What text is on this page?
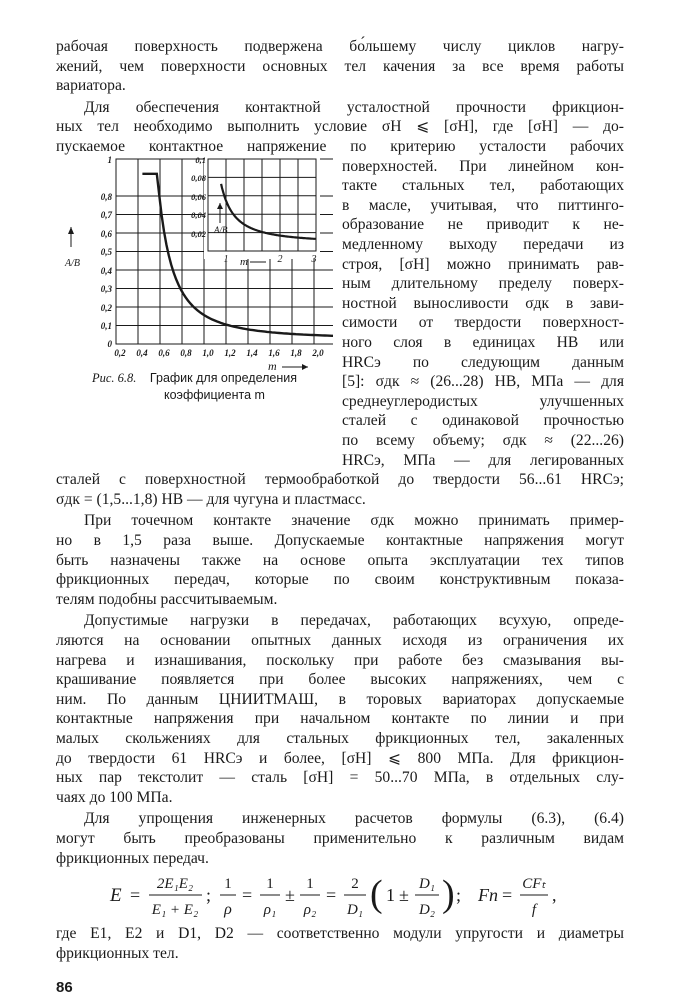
рабочая поверхность подвержена бо́льшему числу циклов нагру-
жений, чем поверхности основных тел качения за все время работы
вариатора.
Для обеспечения контактной усталостной прочности фрикцион-
ных тел необходимо выполнить условие σH ⩽ [σH], где [σH] — до-
пускаемое контактное напряжение по критерию усталости рабочих
поверхностей. При линейном кон-
такте стальных тел, работающих
в масле, учитывая, что питтинго-
образование не приводит к не-
медленному выходу передачи из
строя, [σH] можно принимать рав-
ным длительному пределу поверх-
ностной выносливости σдк в зави-
симости от твердости поверхност-
ного слоя в единицах НВ или
HRCэ по следующим данным
[5]: σдк ≈ (26...28) НВ, МПа — для
среднеуглеродистых улучшенных
сталей с одинаковой прочностью
по всему объему; σдк ≈ (22...26)
HRCэ, МПа — для легированных
сталей с поверхностной термообработкой до твердости 56...61 HRCэ;
σдк = (1,5...1,8) НВ — для чугуна и пластмасс.
При точечном контакте значение σдк можно принимать пример-
но в 1,5 раза выше. Допускаемые контактные напряжения могут
быть назначены также на основе опыта эксплуатации тех типов
фрикционных передач, которые по своим конструктивным показа-
телям подобны рассчитываемым.
Допустимые нагрузки в передачах, работающих всухую, опреде-
ляются на основании опытных данных исходя из ограничения их
нагрева и изнашивания, поскольку при работе без смазывания вы-
крашивание появляется при более высоких напряжениях, чем с
ним. По данным ЦНИИТМАШ, в торовых вариаторах допускаемые
контактные напряжения при начальном контакте по линии и при
малых скольжениях для стальных фрикционных тел, закаленных
до твердости 61 HRCэ и более, [σH] ⩽ 800 МПа. Для фрикцион-
ных пар текстолит — сталь [σH] = 50...70 МПа, в отдельных слу-
чаях до 100 МПа.
Для упрощения инженерных расчетов формулы (6.3), (6.4)
могут быть преобразованы применительно к различным видам
фрикционных передач.
1
0,8
0,7
0,6
0,5
0,4
0,3
0,2
0,1
0
0,2 0,4 0,6 0,8 1,0 1,2 1,4 1,6 1,8 2,0
m
A/B
0,1
0,08
0,06
0,04
0,02
1	2	3
m
A/B
Рис. 6.8. График для определения
коэффициента m
E =
2E₁E₂
E₁ + E₂
;
1
ρ
=
1
ρ₁
±
1
ρ₂
=
2
D₁ ( 1 ±
D₁
D₂ ) ; Fп =
CFₜ
f
,
где E1, E2 и D1, D2 — соответственно модули упругости и диаметры
фрикционных тел.
86
